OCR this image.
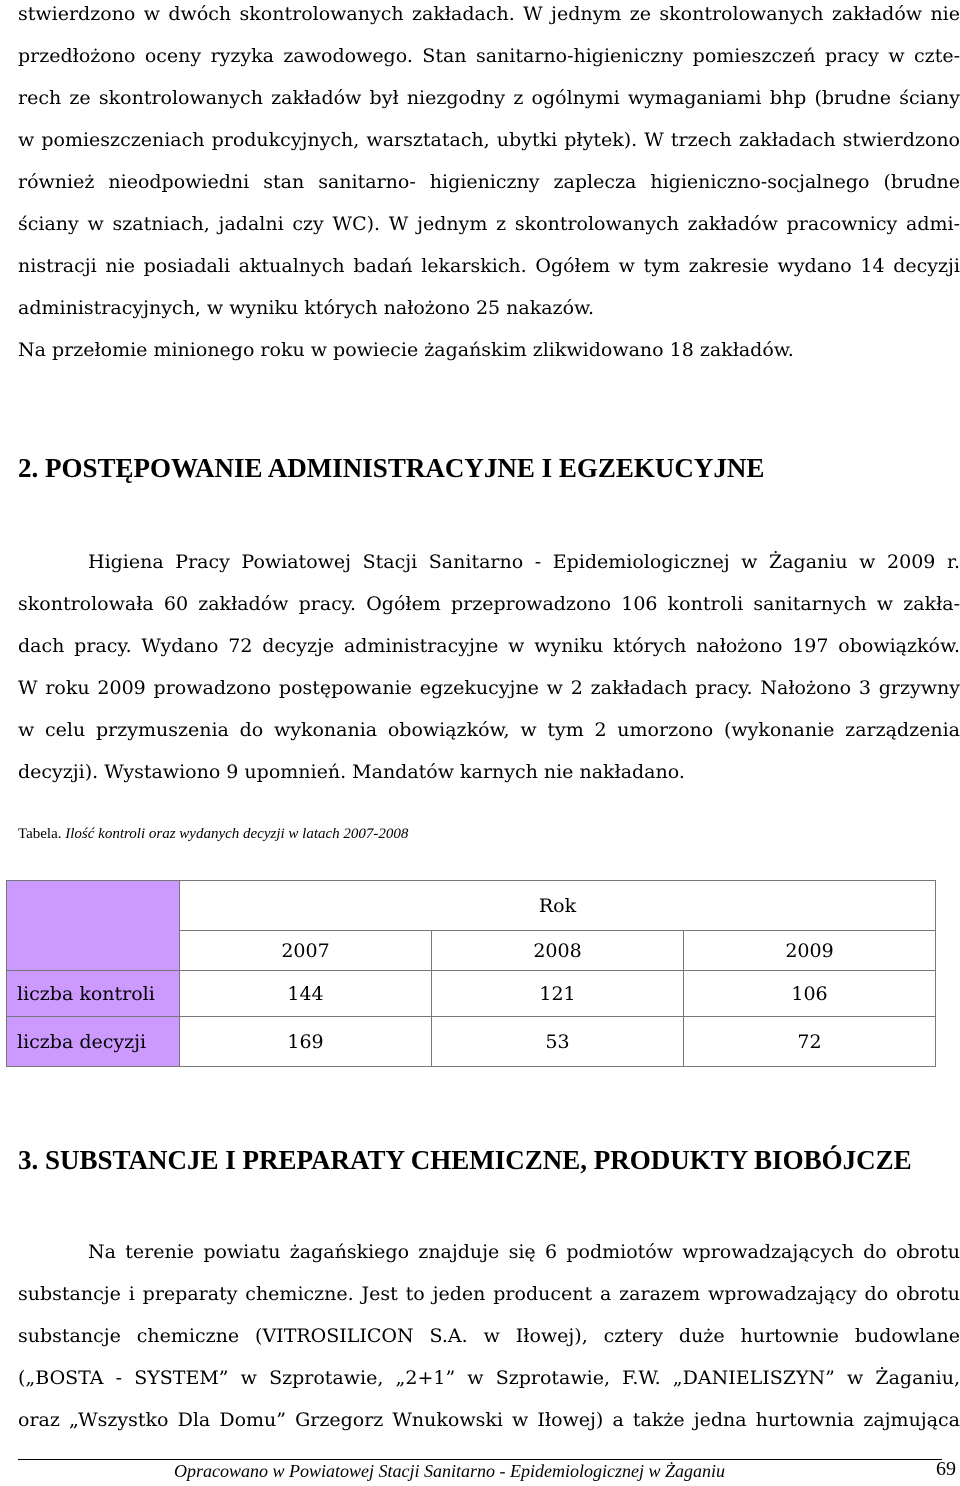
stwierdzono w dwóch skontrolowanych zakładach. W jednym ze skontrolowanych zakładów nie
przedłożono oceny ryzyka zawodowego. Stan sanitarno-higieniczny pomieszczeń pracy w czte-
rech ze skontrolowanych zakładów był niezgodny z ogólnymi wymaganiami bhp (brudne ściany
w pomieszczeniach produkcyjnych, warsztatach, ubytki płytek). W trzech zakładach stwierdzono
również nieodpowiedni stan sanitarno- higieniczny zaplecza higieniczno-socjalnego (brudne
ściany w szatniach, jadalni czy WC). W jednym z skontrolowanych zakładów pracownicy admi-
nistracji nie posiadali aktualnych badań lekarskich. Ogółem w tym zakresie wydano 14 decyzji
administracyjnych, w wyniku których nałożono 25 nakazów.
Na przełomie minionego roku w powiecie żagańskim zlikwidowano 18 zakładów.
2. POSTĘPOWANIE ADMINISTRACYJNE I EGZEKUCYJNE
Higiena Pracy Powiatowej Stacji Sanitarno - Epidemiologicznej w Żaganiu w 2009 r.
skontrolowała 60 zakładów pracy. Ogółem przeprowadzono 106 kontroli sanitarnych w zakła-
dach pracy. Wydano 72 decyzje administracyjne w wyniku których nałożono 197 obowiązków.
W roku 2009 prowadzono postępowanie egzekucyjne w 2 zakładach pracy. Nałożono 3 grzywny
w celu przymuszenia do wykonania obowiązków, w tym 2 umorzono (wykonanie zarządzenia
decyzji). Wystawiono 9 upomnień. Mandatów karnych nie nakładano.
Tabela. Ilość kontroli oraz wydanych decyzji w latach 2007-2008
	Rok		
	2007	2008	2009
liczba kontroli	144	121	106
liczba decyzji	169	53	72
3. SUBSTANCJE I PREPARATY CHEMICZNE, PRODUKTY BIOBÓJCZE
Na terenie powiatu żagańskiego znajduje się 6 podmiotów wprowadzających do obrotu
substancje i preparaty chemiczne. Jest to jeden producent a zarazem wprowadzający do obrotu
substancje chemiczne (VITROSILICON S.A. w Iłowej), cztery duże hurtownie budowlane
(„BOSTA - SYSTEM” w Szprotawie, „2+1” w Szprotawie, F.W. „DANIELISZYN” w Żaganiu,
oraz „Wszystko Dla Domu” Grzegorz Wnukowski w Iłowej) a także jedna hurtownia zajmująca
Opracowano w Powiatowej Stacji Sanitarno - Epidemiologicznej w Żaganiu	69
